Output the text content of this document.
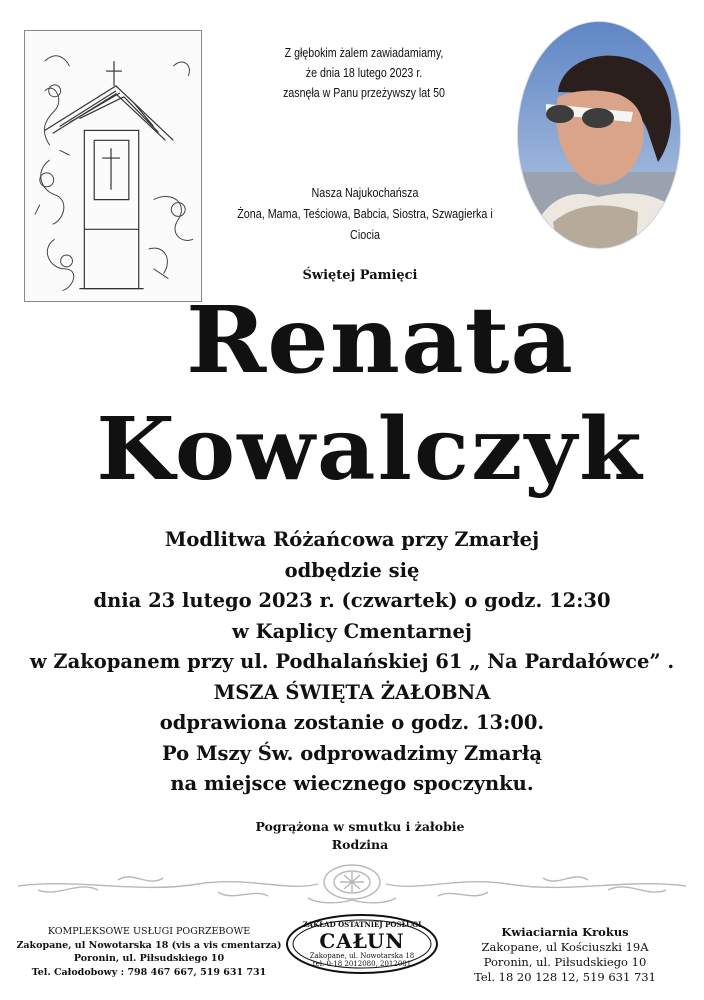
Z głębokim żalem zawiadamiamy,
że dnia 18 lutego 2023 r.
zasnęła w Panu przeżywszy lat 50
Nasza Najukochańsza
Żona, Mama, Teściowa, Babcia, Siostra, Szwagierka i Ciocia
Świętej Pamięci
Renata
Kowalczyk
Modlitwa Różańcowa przy Zmarłej
odbędzie się
dnia 23 lutego 2023 r. (czwartek) o godz. 12:30
w Kaplicy Cmentarnej
w Zakopanem przy ul. Podhalańskiej 61 „ Na Pardałówce” .
MSZA ŚWIĘTA ŻAŁOBNA
odprawiona zostanie o godz. 13:00.
Po Mszy Św. odprowadzimy Zmarłą
na miejsce wiecznego spoczynku.
Pogrążona w smutku i żałobie
Rodzina
KOMPLEKSOWE USŁUGI POGRZEBOWE
Zakopane, ul Nowotarska 18 (vis a vis cmentarza)
Poronin, ul. Piłsudskiego 10
Tel. Całodobowy : 798 467 667, 519 631 731
ZAKŁAD OSTATNIEJ POSŁUGI
CAŁUN
Zakopane, ul. Nowotarska 18
tel. 0-18 2012080, 2012081
Kwiaciarnia Krokus
Zakopane, ul Kościuszki 19A
Poronin, ul. Piłsudskiego 10
Tel. 18 20 128 12, 519 631 731
